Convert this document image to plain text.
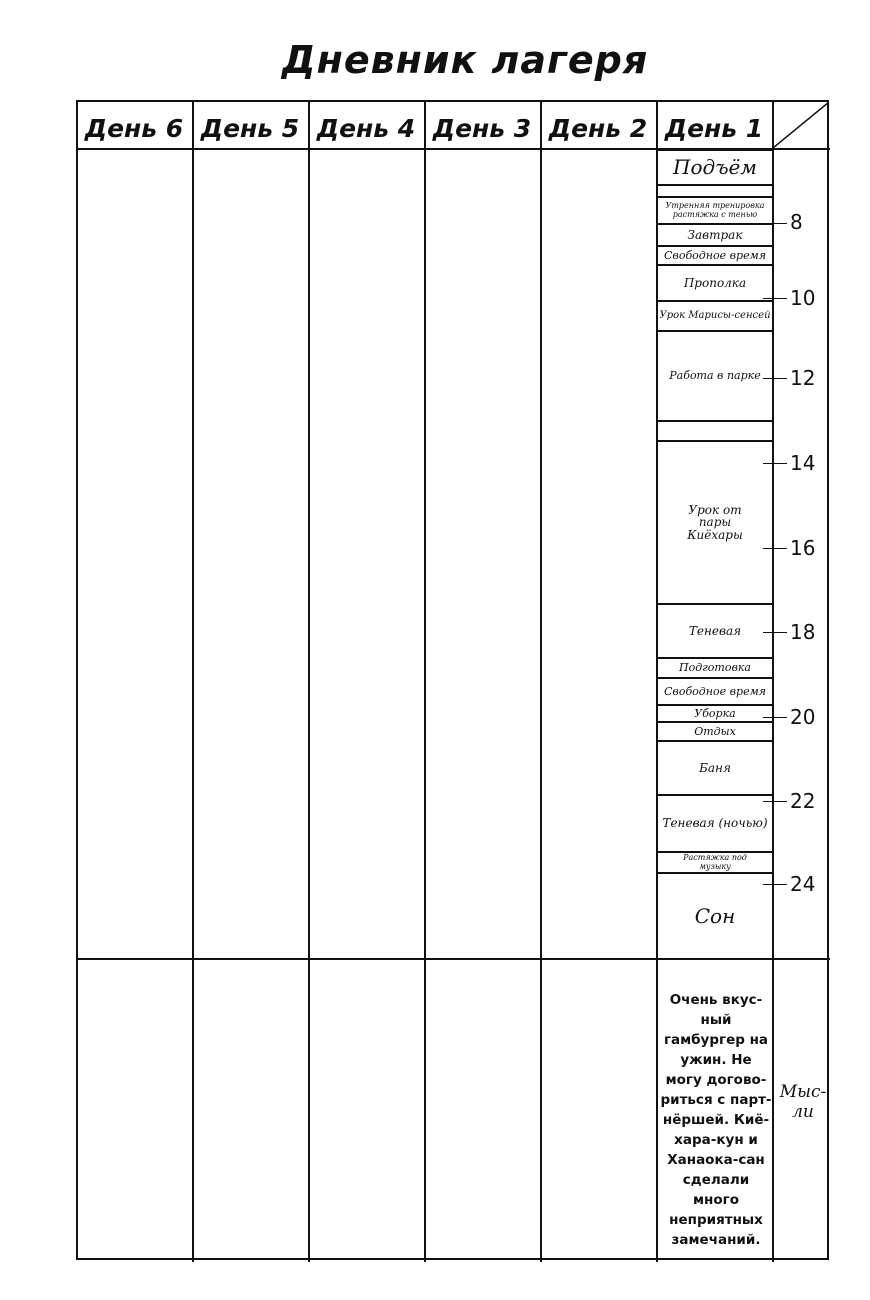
Дневник лагеря
День 6 День 5 День 4 День 3 День 2 День 1
Подъём
Утренняя тренировка растяжка с тенью
Завтрак
Свободное время
Прополка
Урок Марисы-сенсей
Работа в парке
Урок от пары Киёхары
Теневая
Подготовка
Свободное время
Уборка
Отдых
Баня
Теневая (ночью)
Растяжка под музыку
Сон
8
10
12
14
16
18
20
22
24
Очень вкус-ный гамбургер на ужин. Не могу догово-риться с парт-нёршей. Киё-хара-кун и Ханаока-сан сделали много неприятных замечаний.
Мыс-ли
